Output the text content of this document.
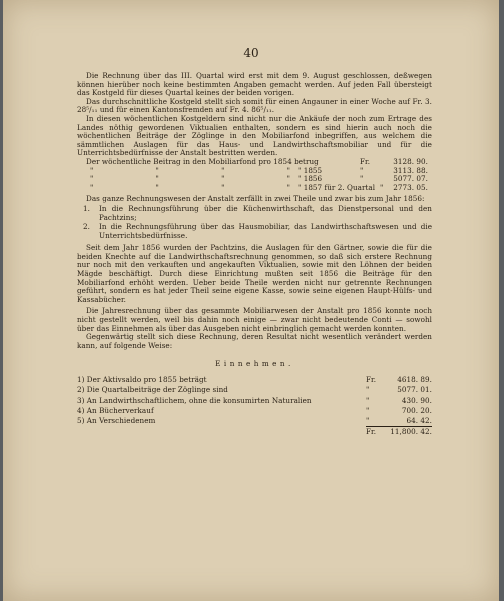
40

Die Rechnung über das III. Quartal wird erst mit dem 9. August geschlossen, deßwegen können hierüber noch keine bestimmten Angaben gemacht werden. Auf jeden Fall übersteigt das Kostgeld für dieses Quartal keines der beiden vorigen.

Das durchschnittliche Kostgeld stellt sich somit für einen Angauner in einer Woche auf Fr. 3. 28⁵/₁₁ und für einen Kantonsfremden auf Fr. 4. 86⁵/₁₁.

In diesen wöchentlichen Kostgeldern sind nicht nur die Ankäufe der noch zum Ertrage des Landes nöthig gewordenen Viktualien enthalten, sondern es sind hierin auch noch die wöchentlichen Beiträge der Zöglinge in den Mobiliarfond inbegriffen, aus welchem die sämmtlichen Auslagen für das Haus- und Landwirthschaftsmobiliar und für die Unterrichtsbedürfnisse der Anstalt bestritten werden.

Der wöchentliche Beitrag in den Mobiliarfond pro 1854 betrug	Fr.	3128. 90.
"	"	"	"	" 1855	"	3113. 88.
"	"	"	"	" 1856	"	5077. 07.
"	"	"	"	" 1857 für 2. Quartal "	2773. 05.

Das ganze Rechnungswesen der Anstalt zerfällt in zwei Theile und zwar bis zum Jahr 1856:

1.	In die Rechnungsführung über die Küchenwirthschaft, das Dienstpersonal und den Pachtzins;
2.	In die Rechnungsführung über das Hausmobiliar, das Landwirthschaftswesen und die Unterrichtsbedürfnisse.

Seit dem Jahr 1856 wurden der Pachtzins, die Auslagen für den Gärtner, sowie die für die beiden Knechte auf die Landwirthschaftsrechnung genommen, so daß sich erstere Rechnung nur noch mit den verkauften und angekauften Viktualien, sowie mit den Löhnen der beiden Mägde beschäftigt. Durch diese Einrichtung mußten seit 1856 die Beiträge für den Mobiliarfond erhöht werden. Ueber beide Theile werden nicht nur getrennte Rechnungen geführt, sondern es hat jeder Theil seine eigene Kasse, sowie seine eigenen Haupt-Hülfs- und Kassabücher.

Die Jahresrechnung über das gesammte Mobiliarwesen der Anstalt pro 1856 konnte noch nicht gestellt werden, weil bis dahin noch einige — zwar nicht bedeutende Conti — sowohl über das Einnehmen als über das Ausgeben nicht einbringlich gemacht werden konnten.

Gegenwärtig stellt sich diese Rechnung, deren Resultat nicht wesentlich verändert werden kann, auf folgende Weise:

Einnehmen.
1) Der Aktivsaldo pro 1855 beträgt	Fr.	4618. 89.
2) Die Quartalbeiträge der Zöglinge sind	"	5077. 01.
3) An Landwirthschaftlichem, ohne die konsumirten Naturalien	"	430. 90.
4) An Bücherverkauf	"	700. 20.
5) An Verschiedenem	"	64. 42.
Fr.	11,800. 42.
